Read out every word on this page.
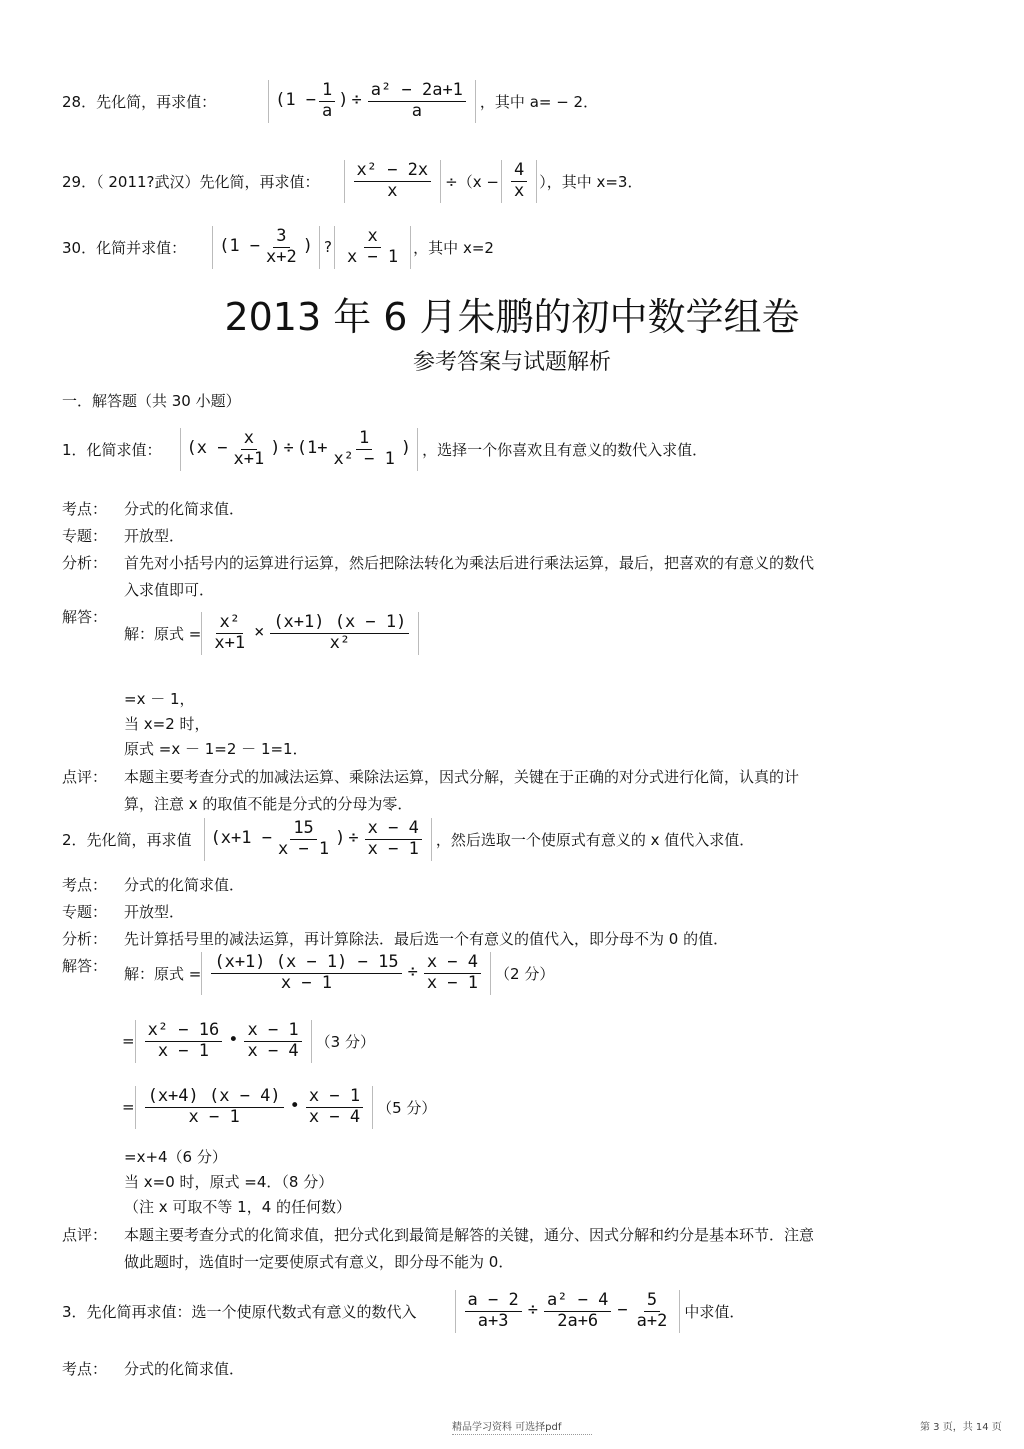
28．先化简，再求值：	($1 - \frac{1}{a}$ ) ÷ $\frac{\text{a² − 2a+1}}{a}$ ，其中 a= − 2．
29．（ 2011?武汉）先化简，再求值： $\frac{\text{x² − 2x}}{x} \div(x - \frac{4}{x}$ ），其中 x=3．
30．化简并求值： ($1 - \frac{3}{x+2}$ ) ? $\frac{x}{x - 1}$ ，其中 x=2
2013 年 6 月朱鹏的初中数学组卷
参考答案与试题解析
一．解答题（共 30 小题）
1．化简求值： ($x - \frac{x}{x+1}$ ) ÷ ($1+ \frac{1}{\text{x² − 1}}$ ) ，选择一个你喜欢且有意义的数代入求值．
考点： 分式的化简求值．
专题： 开放型．
分析： 首先对小括号内的运算进行运算，然后把除法转化为乘法后进行乘法运算，最后，把喜欢的有意义的数代
入求值即可．
解答：
解：原式 = $\frac{\text{x²}}{x+1} \times \frac{(x+1) (x - 1)}{\text{x²}}$
=x － 1，
当 x=2 时，
原式 =x － 1=2 － 1=1．
点评： 本题主要考查分式的加减法运算、乘除法运算，因式分解，关键在于正确的对分式进行化简，认真的计
算，注意 x 的取值不能是分式的分母为零．
2．先化简，再求值 ($x+1 - \frac{15}{x - 1}$ ) ÷ $\frac{x - 4}{x - 1}$ ，然后选取一个使原式有意义的 x 值代入求值．
考点： 分式的化简求值．
专题： 开放型．
分析： 先计算括号里的减法运算，再计算除法．最后选一个有意义的值代入，即分母不为 0 的值．
解答： 解：原式 = $\frac{(x+1) (x - 1) - 15}{x - 1} \div \frac{x - 4}{x - 1} (2$ 分）
= $\frac{\text{x² − 16}}{x - 1}$ • $\frac{x - 1}{x - 4} (3$ 分）
= $\frac{(x+4) (x - 4)}{x - 1}$ • $\frac{x - 1}{x - 4} (5$ 分）
=x+4（6 分）
当 x=0 时，原式 =4．（8 分）
（注 x 可取不等 1，4 的任何数）
点评： 本题主要考查分式的化简求值，把分式化到最简是解答的关键，通分、因式分解和约分是基本环节．注意
做此题时，选值时一定要使原式有意义，即分母不能为 0．
3．先化简再求值：选一个使原代数式有意义的数代入	$\frac{a - 2}{a+3} \div \frac{\text{a² − 4}}{2a+6} - \frac{5}{a+2}$ 中求值．
考点： 分式的化简求值．
精品学习资料 可选择pdf	第 3 页，共 14 页
